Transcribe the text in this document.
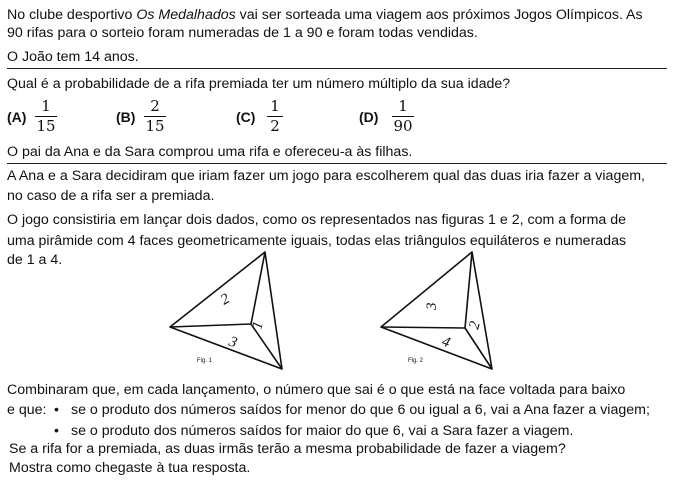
No clube desportivo Os Medalhados vai ser sorteada uma viagem aos próximos Jogos Olímpicos. As
90 rifas para o sorteio foram numeradas de 1 a 90 e foram todas vendidas.
O João tem 14 anos.
Qual é a probabilidade de a rifa premiada ter um número múltiplo da sua idade?
(A)
1
15	(B)
2
15	(C)
1
2	(D)
1
90
O pai da Ana e da Sara comprou uma rifa e ofereceu-a às filhas.
A Ana e a Sara decidiram que iriam fazer um jogo para escolherem qual das duas iria fazer a viagem,
no caso de a rifa ser a premiada.
O jogo consistiria em lançar dois dados, como os representados nas figuras 1 e 2, com a forma de
uma pirâmide com 4 faces geometricamente iguais, todas elas triângulos equiláteros e numeradas
de 1 a 4.
2
1
3
Fig. 1
3
2
4
Fig. 2
Combinaram que, em cada lançamento, o número que sai é o que está na face voltada para baixo
e que: • se o produto dos números saídos for menor do que 6 ou igual a 6, vai a Ana fazer a viagem;
• se o produto dos números saídos for maior do que 6, vai a Sara fazer a viagem.
Se a rifa for a premiada, as duas irmãs terão a mesma probabilidade de fazer a viagem?
Mostra como chegaste à tua resposta.
